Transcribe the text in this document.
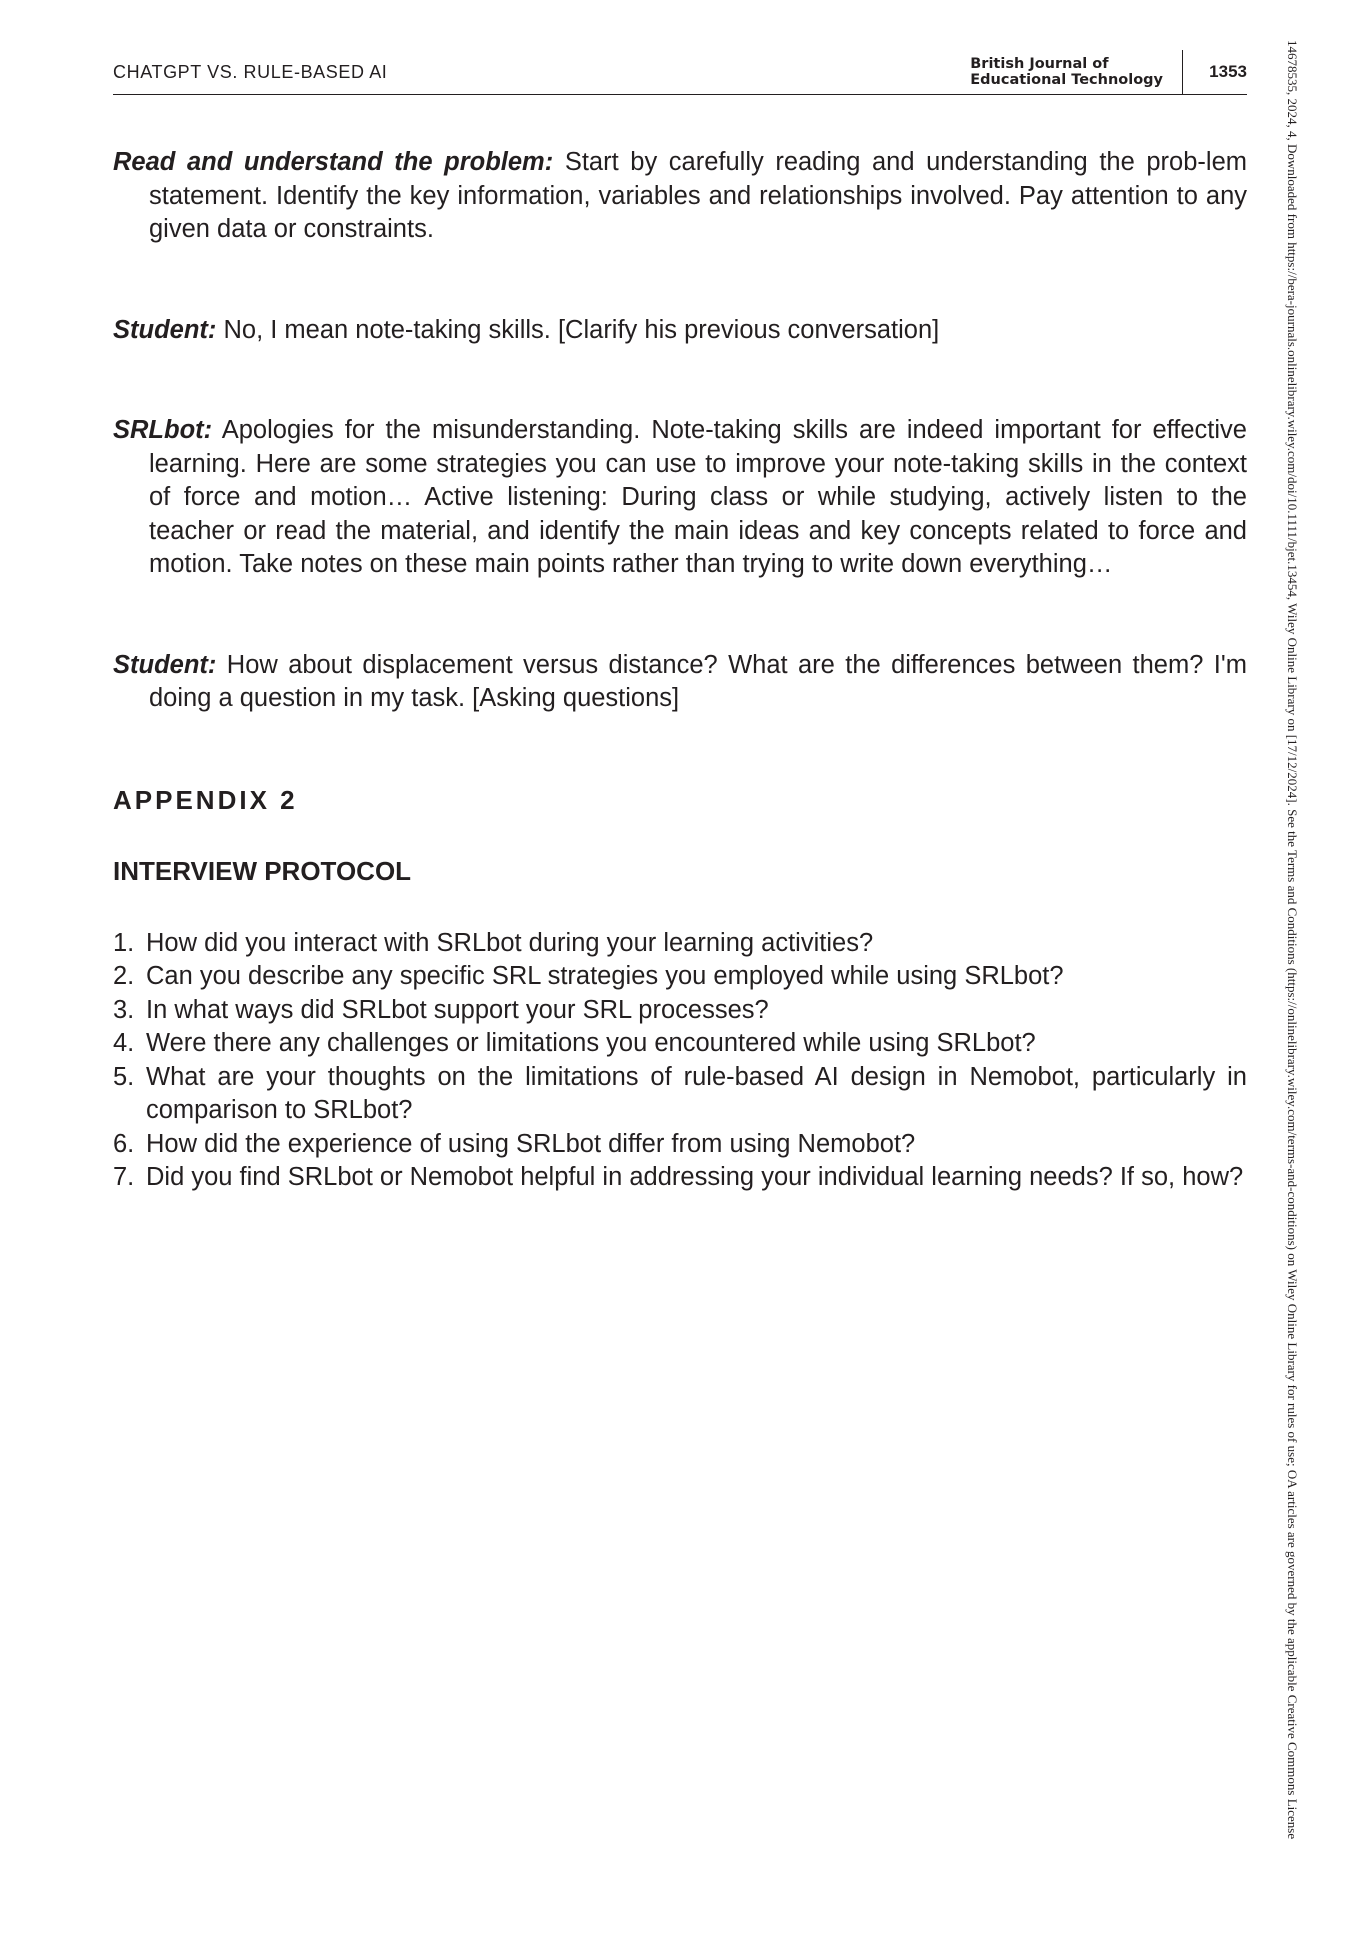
CHATGPT VS. RULE-BASED AI	British Journal of
Educational Technology	1353

Read and understand the problem: Start by carefully reading and understanding the prob-lem statement. Identify the key information, variables and relationships involved. Pay attention to any given data or constraints.

Student: No, I mean note-taking skills. [Clarify his previous conversation]

SRLbot: Apologies for the misunderstanding. Note-taking skills are indeed important for effective learning. Here are some strategies you can use to improve your note-taking skills in the context of force and motion… Active listening: During class or while studying, actively listen to the teacher or read the material, and identify the main ideas and key concepts related to force and motion. Take notes on these main points rather than trying to write down everything…

Student: How about displacement versus distance? What are the differences between them? I'm doing a question in my task. [Asking questions]

APPENDIX 2
INTERVIEW PROTOCOL
1. How did you interact with SRLbot during your learning activities?
2. Can you describe any specific SRL strategies you employed while using SRLbot?
3. In what ways did SRLbot support your SRL processes?
4. Were there any challenges or limitations you encountered while using SRLbot?
5. What are your thoughts on the limitations of rule-based AI design in Nemobot, particularly in comparison to SRLbot?
6. How did the experience of using SRLbot differ from using Nemobot?
7. Did you find SRLbot or Nemobot helpful in addressing your individual learning needs? If so, how?	14678535, 2024, 4, Downloaded from https://bera-journals.onlinelibrary.wiley.com/doi/10.1111/bjet.13454, Wiley Online Library on [17/12/2024]. See the Terms and Conditions (https://onlinelibrary.wiley.com/terms-and-conditions) on Wiley Online Library for rules of use; OA articles are governed by the applicable Creative Commons License
